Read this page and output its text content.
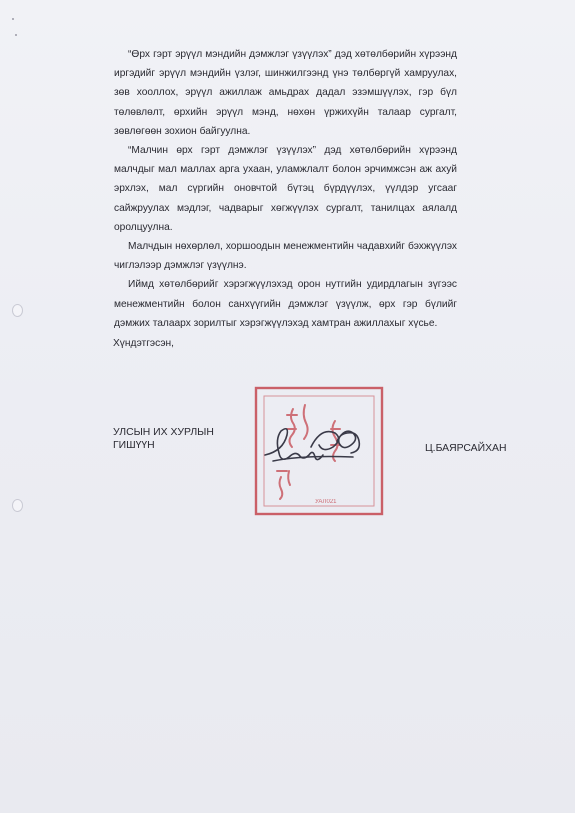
“Өрх гэрт эрүүл мэндийн дэмжлэг үзүүлэх” дэд хөтөлбөрийн хүрээнд иргэдийг эрүүл мэндийн үзлэг, шинжилгээнд үнэ төлбөргүй хамруулах, зөв хооллох, эрүүл ажиллаж амьдрах дадал эзэмшүүлэх, гэр бүл төлөвлөлт, өрхийн эрүүл мэнд, нөхөн үржихүйн талаар сургалт, зөвлөгөөн зохион байгуулна.

“Малчин өрх гэрт дэмжлэг үзүүлэх” дэд хөтөлбөрийн хүрээнд малчдыг мал маллах арга ухаан, уламжлалт болон эрчимжсэн аж ахуй эрхлэх, мал сүргийн оновчтой бүтэц бүрдүүлэх, үүлдэр угсааг сайжруулах мэдлэг, чадварыг хөгжүүлэх сургалт, танилцах аялалд оролцуулна.

Малчдын нөхөрлөл, хоршоодын менежментийн чадавхийг бэхжүүлэх чиглэлээр дэмжлэг үзүүлнэ.

Иймд хөтөлбөрийг хэрэгжүүлэхэд орон нутгийн удирдлагын зүгээс менежментийн болон санхүүгийн дэмжлэг үзүүлж, өрх гэр бүлийг дэмжих талаарх зорилтыг хэрэгжүүлэхэд хамтран ажиллахыг хүсье.

Хүндэтгэсэн,
УЛСЫН ИХ ХУРЛЫН
ГИШҮҮН	Ц.БАЯРСАЙХАН
УАЛ021
